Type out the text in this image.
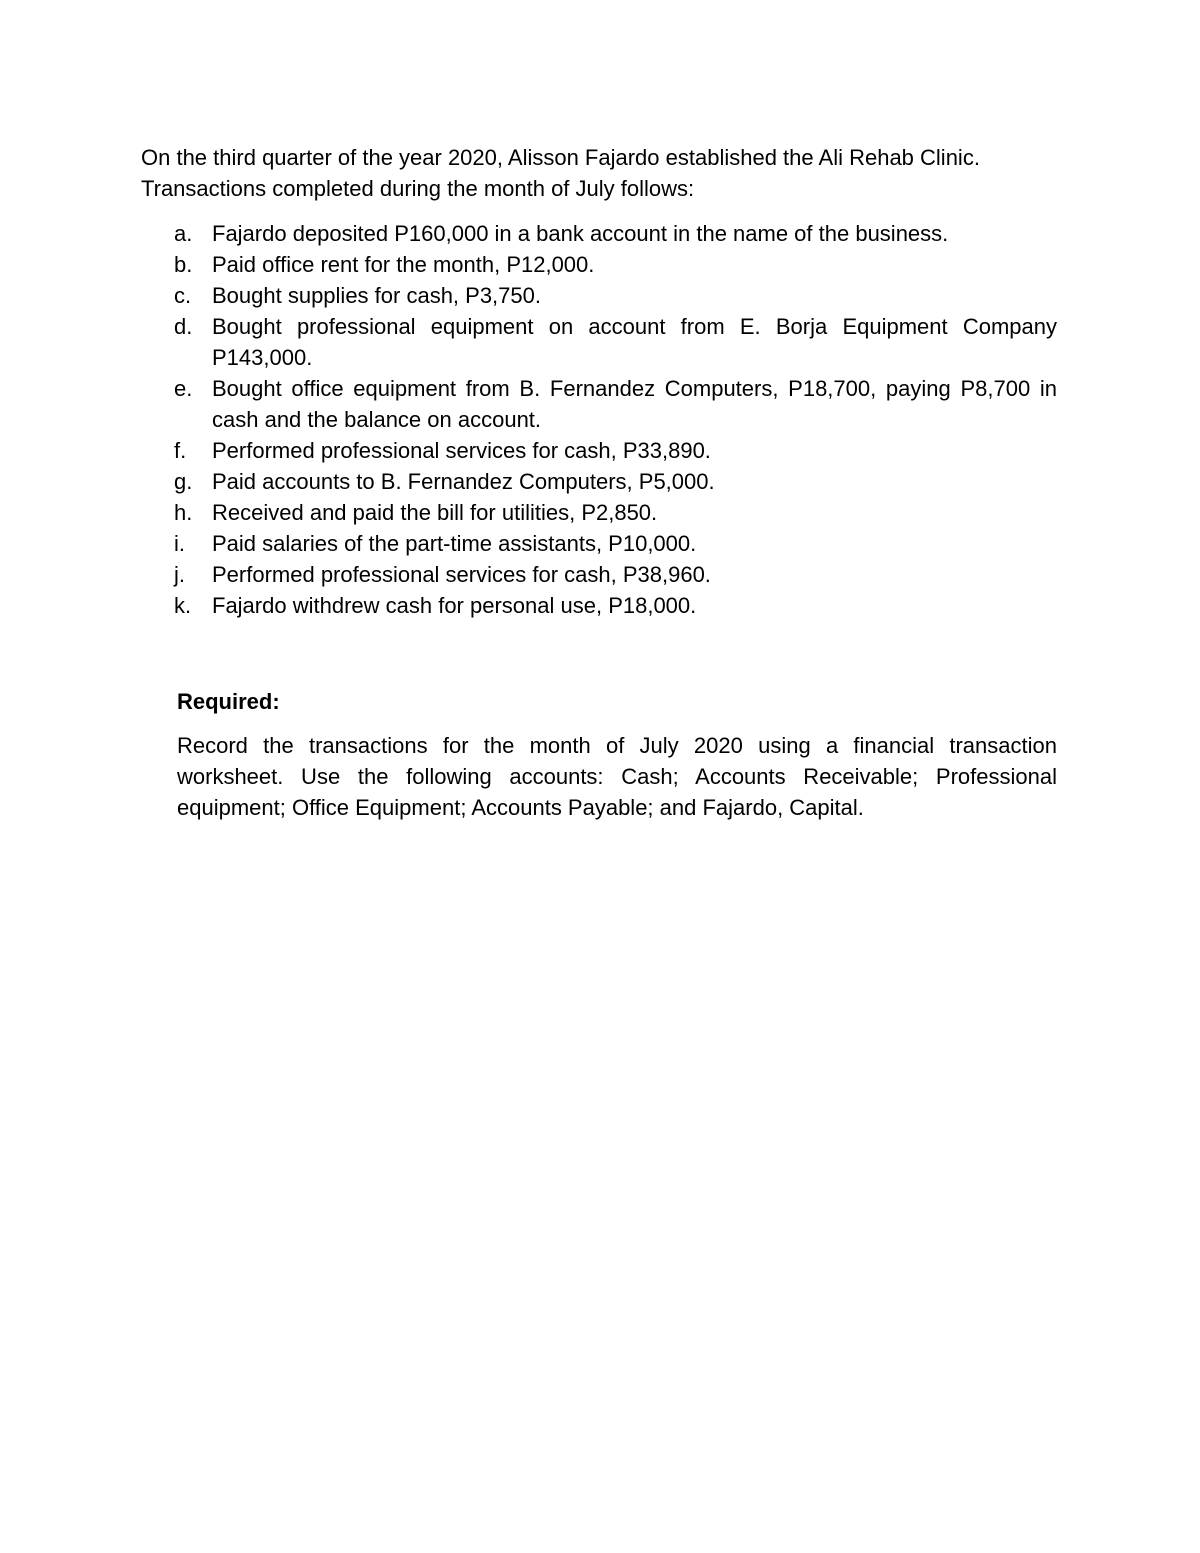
On the third quarter of the year 2020, Alisson Fajardo established the Ali Rehab Clinic. Transactions completed during the month of July follows:

a. Fajardo deposited P160,000 in a bank account in the name of the business.
b. Paid office rent for the month, P12,000.
c. Bought supplies for cash, P3,750.
d. Bought professional equipment on account from E. Borja Equipment Company P143,000.
e. Bought office equipment from B. Fernandez Computers, P18,700, paying P8,700 in cash and the balance on account.
f.	Performed professional services for cash, P33,890.
g. Paid accounts to B. Fernandez Computers, P5,000.
h. Received and paid the bill for utilities, P2,850.
i.	Paid salaries of the part-time assistants, P10,000.
j.	Performed professional services for cash, P38,960.
k. Fajardo withdrew cash for personal use, P18,000.

Required:

Record the transactions for the month of July 2020 using a financial transaction worksheet. Use the following accounts: Cash; Accounts Receivable; Professional equipment; Office Equipment; Accounts Payable; and Fajardo, Capital.
